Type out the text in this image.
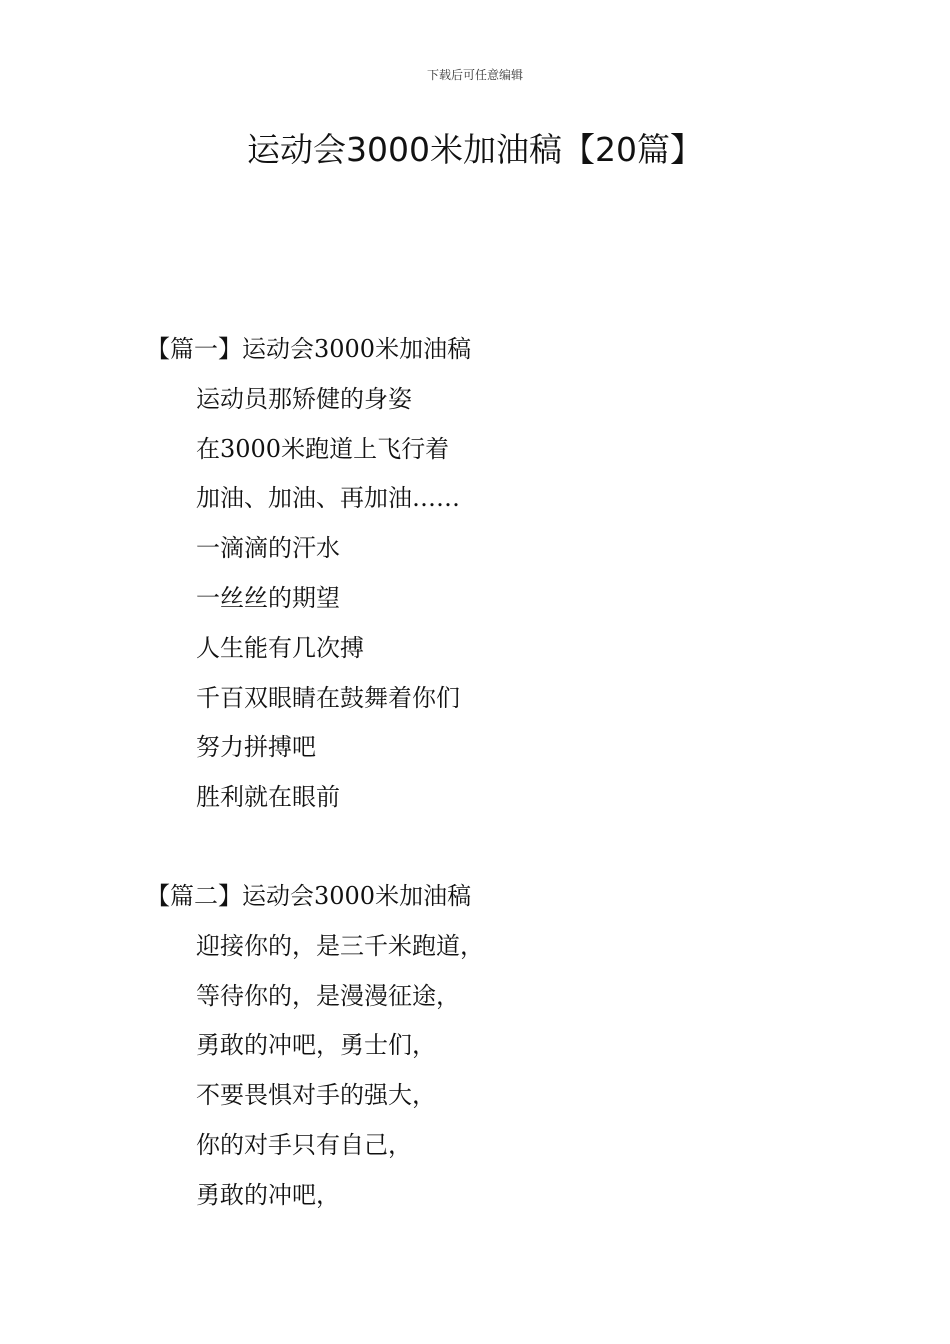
下载后可任意编辑
运动会3000米加油稿【20篇】
【篇一】运动会3000米加油稿
运动员那矫健的身姿
在3000米跑道上飞行着
加油、加油、再加油……
一滴滴的汗水
一丝丝的期望
人生能有几次搏
千百双眼睛在鼓舞着你们
努力拼搏吧
胜利就在眼前
【篇二】运动会3000米加油稿
迎接你的，是三千米跑道，
等待你的，是漫漫征途，
勇敢的冲吧，勇士们，
不要畏惧对手的强大，
你的对手只有自己，
勇敢的冲吧，
